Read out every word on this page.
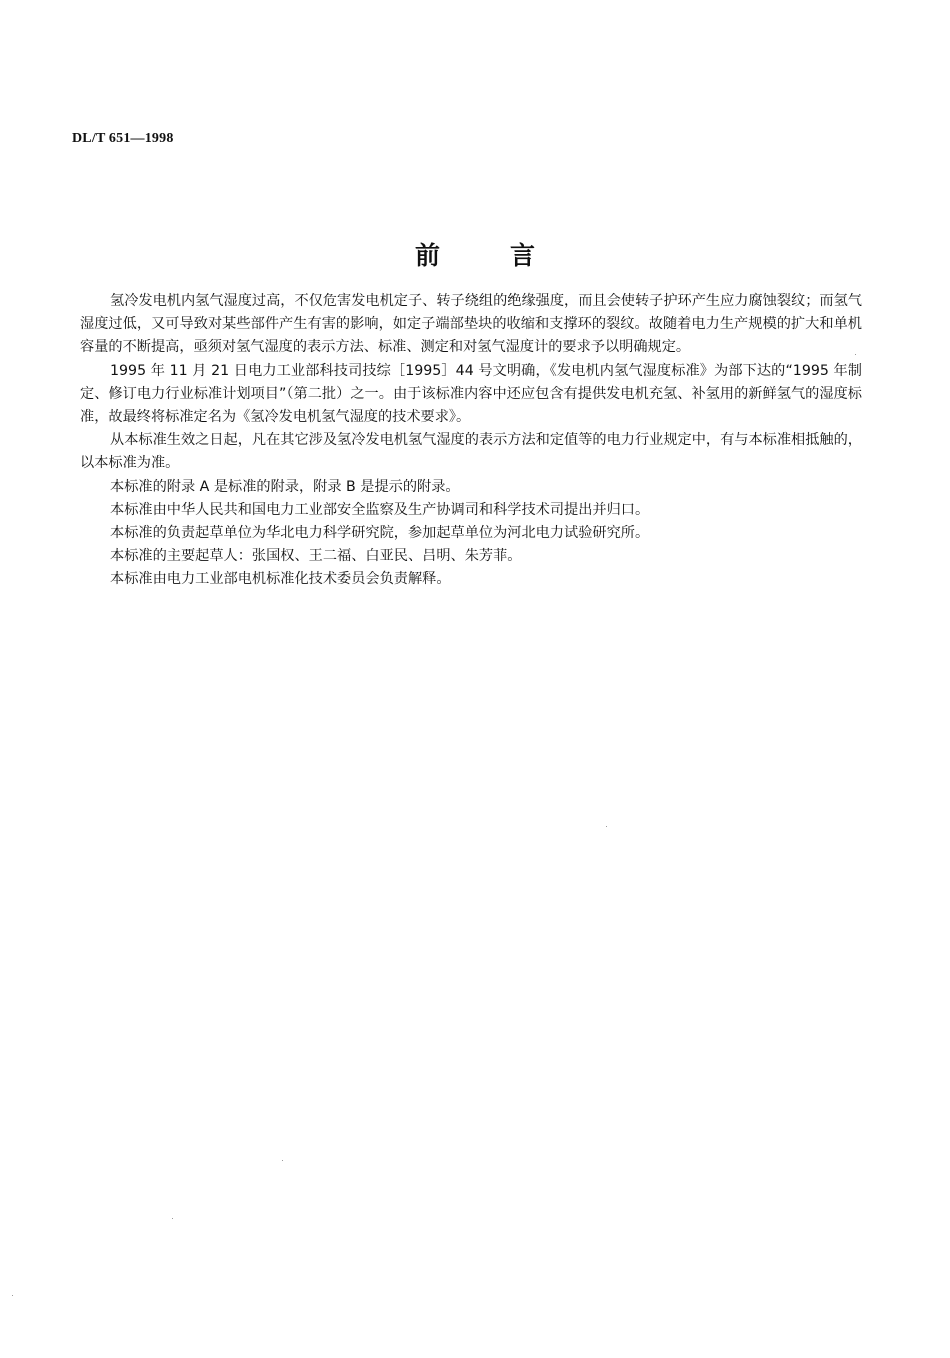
DL/T 651—1998
前言

氢冷发电机内氢气湿度过高，不仅危害发电机定子、转子绕组的绝缘强度，而且会使转子护环产生应力腐蚀裂纹；而氢气湿度过低，又可导致对某些部件产生有害的影响，如定子端部垫块的收缩和支撑环的裂纹。故随着电力生产规模的扩大和单机容量的不断提高，亟须对氢气湿度的表示方法、标准、测定和对氢气湿度计的要求予以明确规定。

1995 年 11 月 21 日电力工业部科技司技综［1995］44 号文明确，《发电机内氢气湿度标准》为部下达的“1995 年制定、修订电力行业标准计划项目”（第二批）之一。由于该标准内容中还应包含有提供发电机充氢、补氢用的新鲜氢气的湿度标准，故最终将标准定名为《氢冷发电机氢气湿度的技术要求》。

从本标准生效之日起，凡在其它涉及氢冷发电机氢气湿度的表示方法和定值等的电力行业规定中，有与本标准相抵触的，以本标准为准。

本标准的附录 A 是标准的附录，附录 B 是提示的附录。

本标准由中华人民共和国电力工业部安全监察及生产协调司和科学技术司提出并归口。

本标准的负责起草单位为华北电力科学研究院，参加起草单位为河北电力试验研究所。

本标准的主要起草人：张国权、王二福、白亚民、吕明、朱芳菲。

本标准由电力工业部电机标准化技术委员会负责解释。
